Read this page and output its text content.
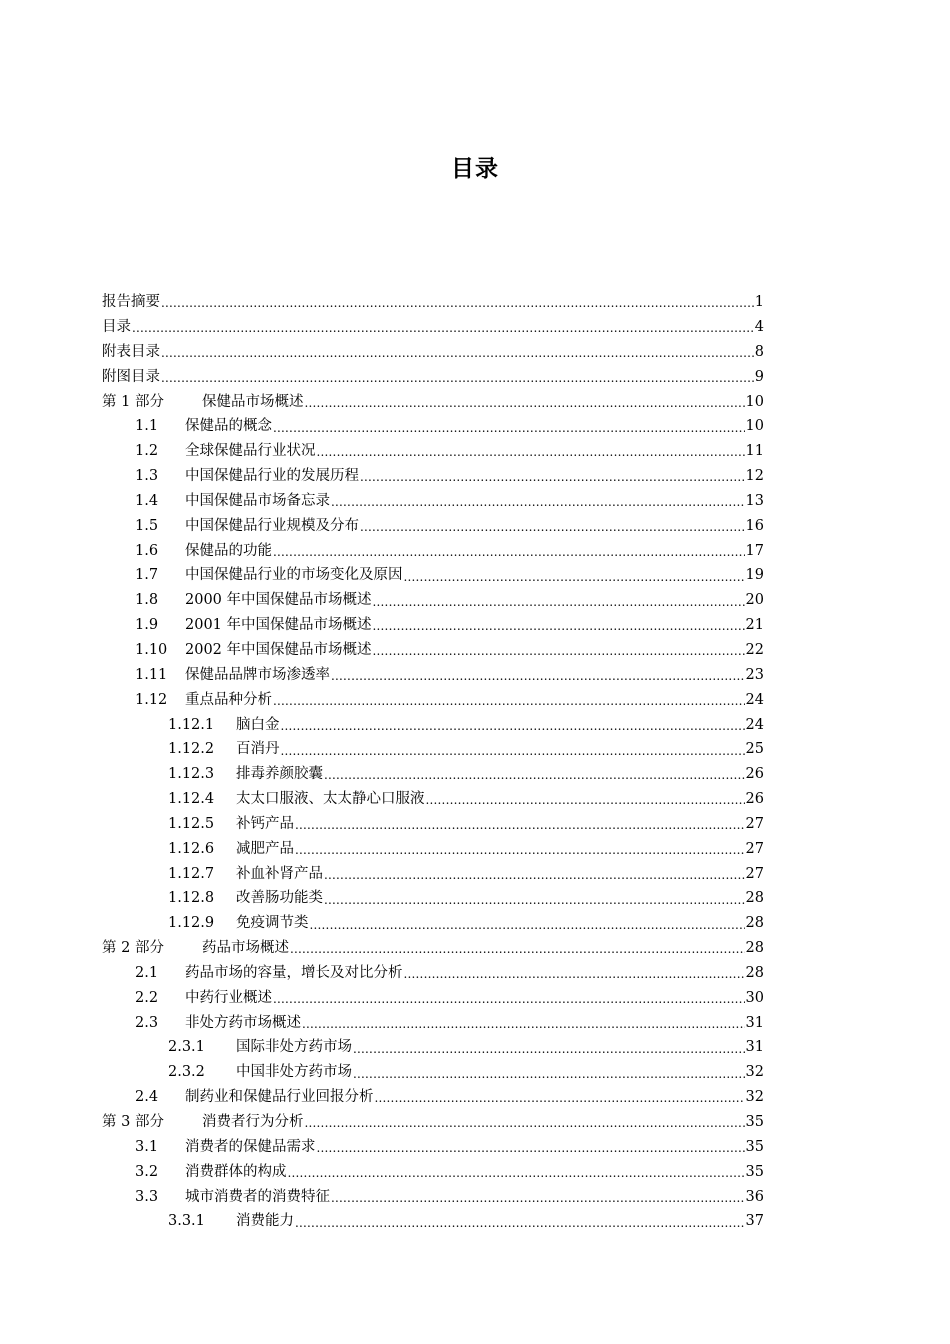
目录
报告摘要 .....	1
目录 .....	4
附表目录 .....	8
附图目录 .....	9
第 1 部分	保健品市场概述 .....	10
1.1	保健品的概念 .....	10
1.2	全球保健品行业状况 .....	11
1.3	中国保健品行业的发展历程 .....	12
1.4	中国保健品市场备忘录 .....	13
1.5	中国保健品行业规模及分布 .....	16
1.6	保健品的功能 .....	17
1.7	中国保健品行业的市场变化及原因 .....	19
1.8	2000 年中国保健品市场概述 .....	20
1.9	2001 年中国保健品市场概述 .....	21
1.10	2002 年中国保健品市场概述 .....	22
1.11	保健品品牌市场渗透率 .....	23
1.12	重点品种分析 .....	24
1.12.1	脑白金 .....	24
1.12.2	百消丹 .....	25
1.12.3	排毒养颜胶囊 .....	26
1.12.4	太太口服液、太太静心口服液 .....	26
1.12.5	补钙产品 .....	27
1.12.6	减肥产品 .....	27
1.12.7	补血补肾产品 .....	27
1.12.8	改善肠功能类 .....	28
1.12.9	免疫调节类 .....	28
第 2 部分	药品市场概述 .....	28
2.1	药品市场的容量，增长及对比分析 .....	28
2.2	中药行业概述 .....	30
2.3	非处方药市场概述 .....	31
2.3.1	国际非处方药市场 .....	31
2.3.2	中国非处方药市场 .....	32
2.4	制药业和保健品行业回报分析 .....	32
第 3 部分	消费者行为分析 .....	35
3.1	消费者的保健品需求 .....	35
3.2	消费群体的构成 .....	35
3.3	城市消费者的消费特征 .....	36
3.3.1	消费能力 .....	37
